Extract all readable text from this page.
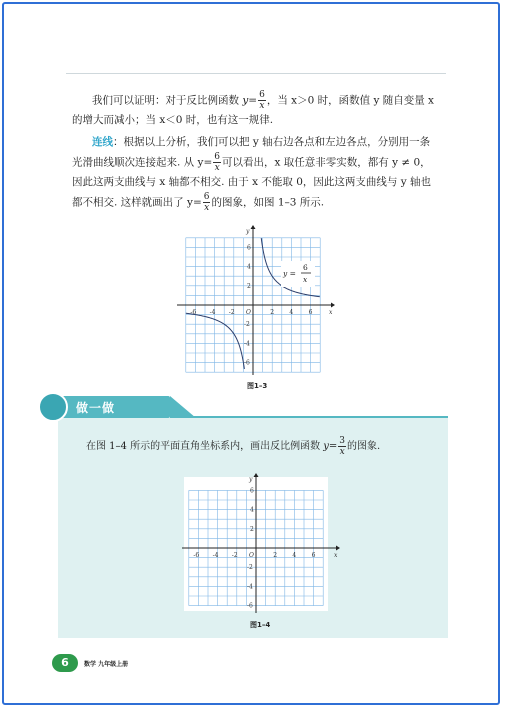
我们可以证明：对于反比例函数 $y= \frac{6}{x}$ ，当 x＞0 时，函数值 y 随自变量 x
的增大而减小；当 x＜0 时，也有这一规律.
连线：根据以上分析，我们可以把 y 轴右边各点和左边各点，分别用一条
光滑曲线顺次连接起来. 从 $y= \frac{6}{x}$ 可以看出，x 取任意非零实数，都有 y ≠ 0，
因此这两支曲线与 x 轴都不相交. 由于 x 不能取 0，因此这两支曲线与 y 轴也
都不相交. 这样就画出了 $y= \frac{6}{x}$ 的图象，如图 1–3 所示.
x
y
O
-6 -4 -2	2	4	6
6
4
2
-2
-4
-6
y =
6
x
图1–3
做一做
在图 1–4 所示的平面直角坐标系内，画出反比例函数 $y= \frac{3}{x}$ 的图象.
x
y
O
-6 -4 -2	2	4	6
6
4
2
-2
-4
-6
图1–4
6	数学 九年级上册
